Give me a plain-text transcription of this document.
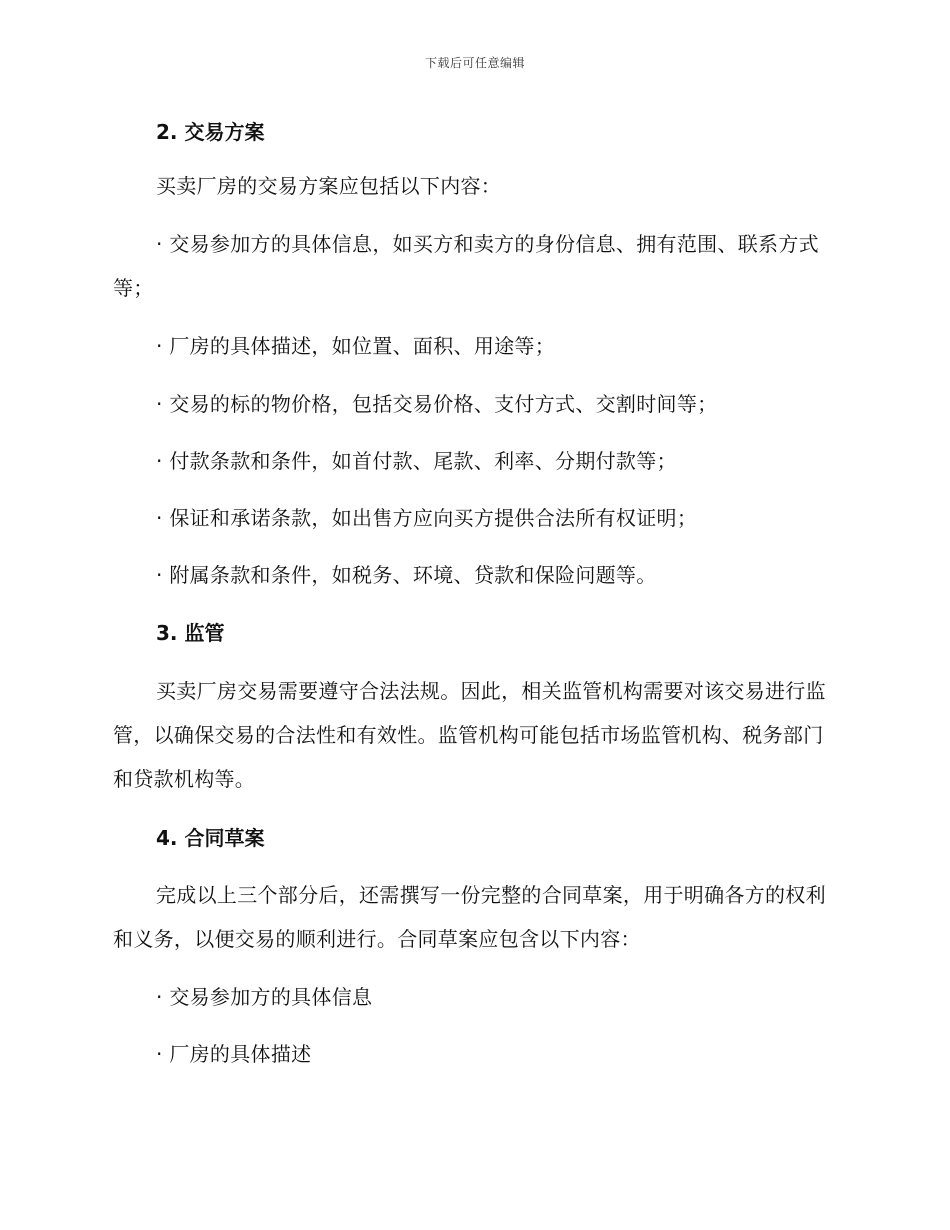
下载后可任意编辑
2. 交易方案
买卖厂房的交易方案应包括以下内容：
· 交易参加方的具体信息，如买方和卖方的身份信息、拥有范围、联系方式等；
· 厂房的具体描述，如位置、面积、用途等；
· 交易的标的物价格，包括交易价格、支付方式、交割时间等；
· 付款条款和条件，如首付款、尾款、利率、分期付款等；
· 保证和承诺条款，如出售方应向买方提供合法所有权证明；
· 附属条款和条件，如税务、环境、贷款和保险问题等。
3. 监管
买卖厂房交易需要遵守合法法规。因此，相关监管机构需要对该交易进行监管，以确保交易的合法性和有效性。监管机构可能包括市场监管机构、税务部门和贷款机构等。
4. 合同草案
完成以上三个部分后，还需撰写一份完整的合同草案，用于明确各方的权利和义务，以便交易的顺利进行。合同草案应包含以下内容：
· 交易参加方的具体信息
· 厂房的具体描述
